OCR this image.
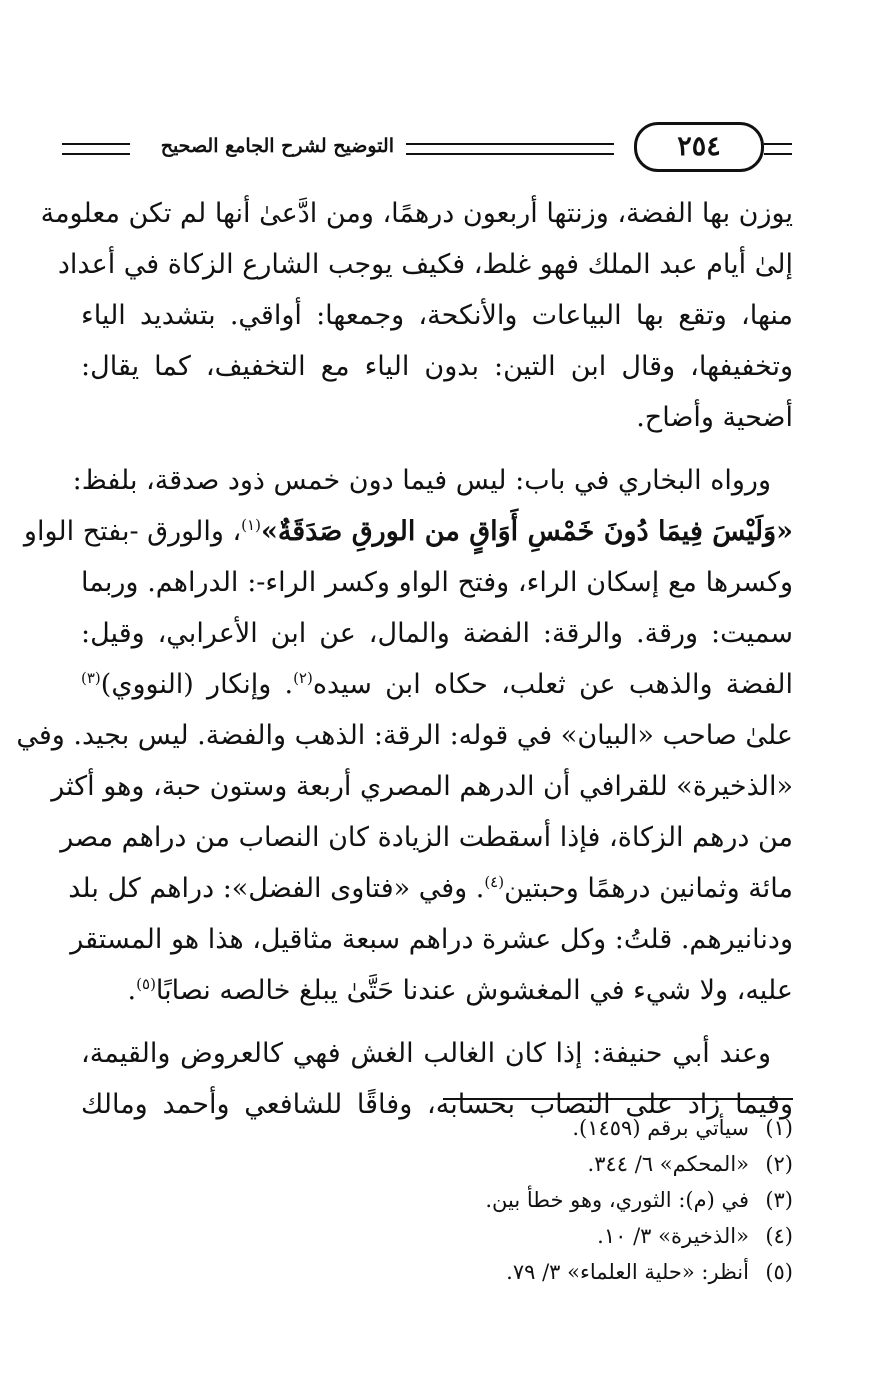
٢٥٤
التوضيح لشرح الجامع الصحيح

يوزن بها الفضة، وزنتها أربعون درهمًا، ومن ادَّعىٰ أنها لم تكن معلومة
إلىٰ أيام عبد الملك فهو غلط، فكيف يوجب الشارع الزكاة في أعداد
منها، وتقع بها البياعات والأنكحة، وجمعها: أواقي. بتشديد الياء
وتخفيفها، وقال ابن التين: بدون الياء مع التخفيف، كما يقال:
أضحية وأضاح.

ورواه البخاري في باب: ليس فيما دون خمس ذود صدقة، بلفظ:
«وَلَيْسَ فِيمَا دُونَ خَمْسِ أَوَاقٍ من الورقِ صَدَقَةٌ»$^{(١)}$، والورق -بفتح الواو
وكسرها مع إسكان الراء، وفتح الواو وكسر الراء-: الدراهم. وربما
سميت: ورقة. والرقة: الفضة والمال، عن ابن الأعرابي، وقيل:
الفضة والذهب عن ثعلب، حكاه ابن سيده$^{(٢)}$. وإنكار (النووي)$^{(٣)}$
علىٰ صاحب «البيان» في قوله: الرقة: الذهب والفضة. ليس بجيد. وفي
«الذخيرة» للقرافي أن الدرهم المصري أربعة وستون حبة، وهو أكثر
من درهم الزكاة، فإذا أسقطت الزيادة كان النصاب من دراهم مصر
مائة وثمانين درهمًا وحبتين$^{(٤)}$. وفي «فتاوى الفضل»: دراهم كل بلد
ودنانيرهم. قلتُ: وكل عشرة دراهم سبعة مثاقيل، هذا هو المستقر
عليه، ولا شيء في المغشوش عندنا حَتَّىٰ يبلغ خالصه نصابًا$^{(٥)}$.

وعند أبي حنيفة: إذا كان الغالب الغش فهي كالعروض والقيمة،
وفيما زاد على النصاب بحسابه، وفاقًا للشافعي وأحمد ومالك

(١)
سيأتي برقم (١٤٥٩).
(٢)
«المحكم» ٦/ ٣٤٤.
(٣)
في (م): الثوري، وهو خطأ بين.
(٤)
«الذخيرة» ٣/ ١٠.
(٥)
أنظر: «حلية العلماء» ٣/ ٧٩.
